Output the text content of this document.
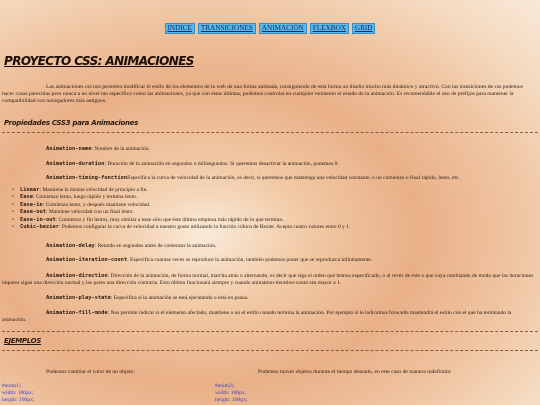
INDICE TRANSICIONES ANIMACIÓN FLEXBOX GRID
PROYECTO CSS: ANIMACIONES

Las animaciones css nos permiten modificar el estilo de los elementos de la web de una forma animada, consiguiendo de esta forma un diseño mucho más dinámico y atractivo. Con las transiciones de css podemos hacer cosas parecidas pero nunca a un nivel tan específico como las animaciones, ya que con éstas últimas, podemos controlar en cualquier momento el estado de la animación. Es recomendable el uso de prefijos para mantener la compatibilidad con navegadores más antiguos.

Propiedades CSS3 para Animaciones

Animation-name: Nombre de la animación.

Animation-duration: Duración de la animación en segundos o milisegundos. Si queremos desactivar la animación, ponemos 0.

Animation-timing-functionEspecifica la curva de velocidad de la animación, es decir, si queremos que mantenga una velocidad constante, o un comienzo o final rápido, lento, etc.

• Linear: Mantiene la misma velocidad de principio a fin.
• Ease: Comienzo lento, luego rápido y termina lento.
• Ease-in: Comienza lento, y después mantiene velocidad.
• Ease-out: Mantiene velocidad con un final lento.
• Ease-in-out: Comienzo y fin lentos, muy similar a ease sólo que éste último empieza más rápido de lo que termina.
• Cubic-bezier: Podemos configurar la curva de velocidad a nuestro gusto utilizando la función cúbica de Bezier. Acepta cuatro valores entre 0 y 1.

Animation-delay: Retardo en segundos antes de comenzar la animación.

Animation-iteration-count: Especifica cuantas veces se reproduce la animación, también podemos poner que se reproduzca infinitamente.

Animation-direction: Dirección de la animación, de forma normal, marcha atrás o alternando, es decir que siga el orden que hemos especificado, o al revés de éste o que vaya cambiando de modo que las iteraciones impares sigan una dirección normal y las pares una dirección contraria. Esto último funcionará siempre y cuando animation-iteration-count sea mayor a 1.

Animation-play-state: Especifica si la animación se está ejecutando o está en pausa.

Animation-fill-mode: Nos permite indicar si el elemento afectado, mantiene o no el estilo cuando termina la animación. Por ejemplo si le indicamos forwards mantendrá el estilo con el que ha terminado la animación.

EJEMPLOS

Podemos cambiar el color de un objeto:	Podemos mover objetos durante el tiempo deseado, en este caso de manera indefinida:

#anim1{
width: 100px;
height: 100px;
#anim2{
width: 100px;
height: 100px;
